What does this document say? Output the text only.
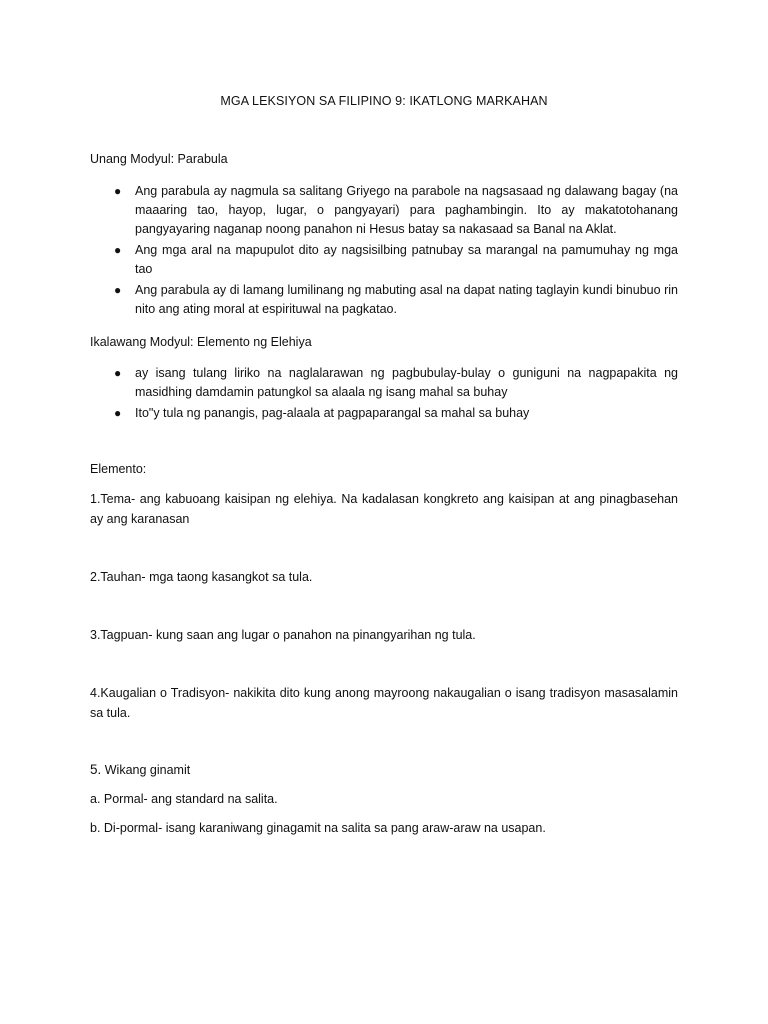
MGA LEKSIYON SA FILIPINO 9: IKATLONG MARKAHAN
Unang Modyul: Parabula
● Ang parabula ay nagmula sa salitang Griyego na parabole na nagsasaad ng dalawang bagay (na maaaring tao, hayop, lugar, o pangyayari) para paghambingin. Ito ay makatotohanang pangyayaring naganap noong panahon ni Hesus batay sa nakasaad sa Banal na Aklat.
● Ang mga aral na mapupulot dito ay nagsisilbing patnubay sa marangal na pamumuhay ng mga tao
● Ang parabula ay di lamang lumilinang ng mabuting asal na dapat nating taglayin kundi binubuo rin nito ang ating moral at espirituwal na pagkatao.
Ikalawang Modyul: Elemento ng Elehiya
● ay isang tulang liriko na naglalarawan ng pagbubulay-bulay o guniguni na nagpapakita ng masidhing damdamin patungkol sa alaala ng isang mahal sa buhay
● Ito"y tula ng panangis, pag-alaala at pagpaparangal sa mahal sa buhay
Elemento:
1.Tema- ang kabuoang kaisipan ng elehiya. Na kadalasan kongkreto ang kaisipan at ang pinagbasehan ay ang karanasan
2.Tauhan- mga taong kasangkot sa tula.
3.Tagpuan- kung saan ang lugar o panahon na pinangyarihan ng tula.
4.Kaugalian o Tradisyon- nakikita dito kung anong mayroong nakaugalian o isang tradisyon masasalamin sa tula.
5. Wikang ginamit
a. Pormal- ang standard na salita.
b. Di-pormal- isang karaniwang ginagamit na salita sa pang araw-araw na usapan.
